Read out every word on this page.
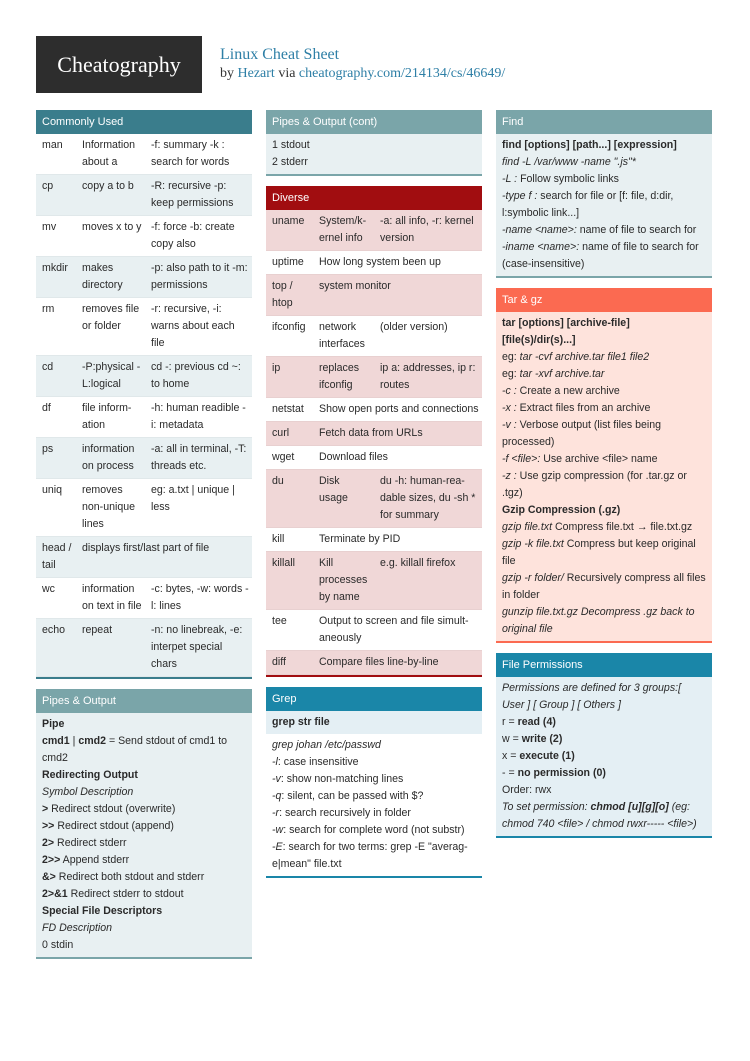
Cheatography	Linux Cheat Sheet
by Hezart via cheatography.com/214134/cs/46649/
Commonly Used
man	Information about a	-f: summary -k : search for words
cp	copy a to b	-R: recursive -p: keep permissions
mv	moves x to y	-f: force -b: create copy also
mkdir	makes directory	-p: also path to it -m: permissions
rm	removes file or folder	-r: recursive, -i: warns about each file
cd	-P:physical -L:logical	cd -: previous cd ~: to home
df	file information	-h: human readible -i: metadata
ps	information on process	-a: all in terminal, -T: threads etc.
uniq	removes non-unique lines	eg: a.txt | unique | less
head / tail	displays first/last part of file	
wc	information on text in file	-c: bytes, -w: words -l: lines
echo	repeat	-n: no linebreak, -e: interpet special chars
Pipes & Output
Pipe
cmd1 | cmd2 = Send stdout of cmd1 to cmd2
Redirecting Output
Symbol Description
> Redirect stdout (overwrite)
>> Redirect stdout (append)
2> Redirect stderr
2>> Append stderr
&> Redirect both stdout and stderr
2>&1 Redirect stderr to stdout
Special File Descriptors
FD Description
0 stdin
Pipes & Output (cont)
1 stdout
2 stderr
Diverse
uname	System/kernel info	-a: all info, -r: kernel version
uptime	How long system been up	
top / htop	system monitor	
ifconfig	network interfaces	(older version)
ip	replaces ifconfig	ip a: addresses, ip r: routes
netstat	Show open ports and connections	
curl	Fetch data from URLs	
wget	Download files	
du	Disk usage	du -h: human-readable sizes, du -sh * for summary
kill	Terminate by PID	
killall	Kill processes by name	e.g. killall firefox
tee	Output to screen and file simultaneously	
diff	Compare files line-by-line	
Grep
grep str file
grep johan /etc/passwd
-l: case insensitive
-v: show non-matching lines
-q: silent, can be passed with $?
-r: search recursively in folder
-w: search for complete word (not substr)
-E: search for two terms: grep -E "average|mean" file.txt
Find
find [options] [path...] [expression]
find -L /var/www -name ".js"*
-L : Follow symbolic links
-type f : search for file or [f: file, d:dir, l:symbolic link...]
-name <name>: name of file to search for
-iname <name>: name of file to search for (case-insensitive)
Tar & gz
tar [options] [archive-file] [file(s)/dir(s)...]
eg: tar -cvf archive.tar file1 file2
eg: tar -xvf archive.tar
-c : Create a new archive
-x : Extract files from an archive
-v : Verbose output (list files being processed)
-f <file>: Use archive <file> name
-z : Use gzip compression (for .tar.gz or .tgz)
Gzip Compression (.gz)
gzip file.txt Compress file.txt → file.txt.gz
gzip -k file.txt Compress but keep original file
gzip -r folder/ Recursively compress all files in folder
gunzip file.txt.gz Decompress .gz back to original file
File Permissions
Permissions are defined for 3 groups:[ User ] [ Group ] [ Others ]
r = read (4)
w = write (2)
x = execute (1)
- = no permission (0)
Order: rwx
To set permission: chmod [u][g][o] (eg: chmod 740 <file> / chmod rwxr----- <file>)
